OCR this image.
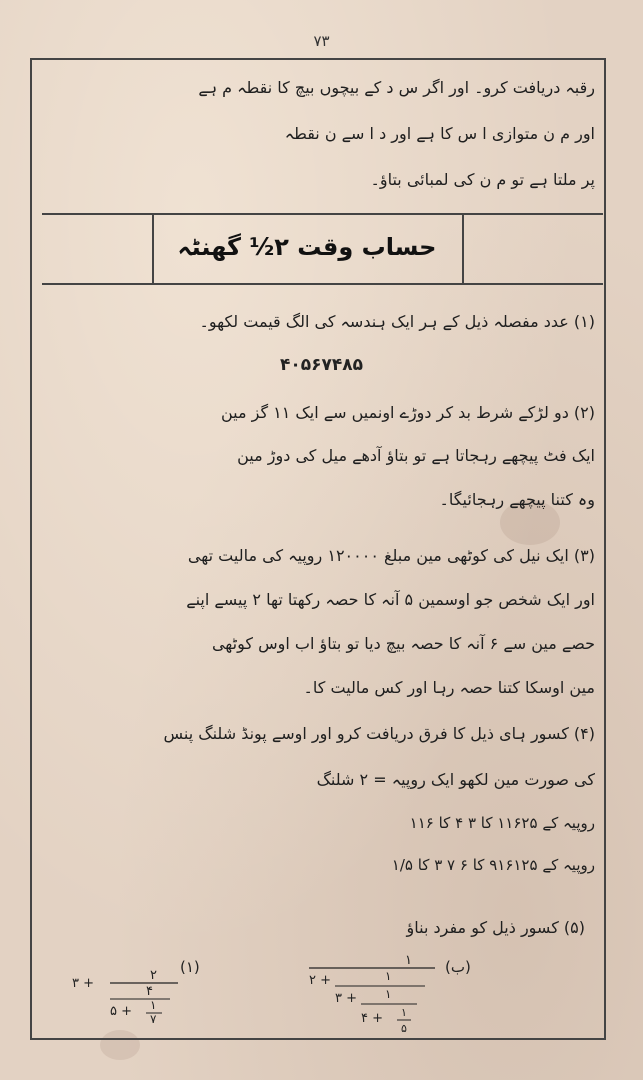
۷۳
رقبہ دریافت کرو۔ اور اگر س د کے بیچوں بیچ کا نقطہ م ہے
اور م ن متوازی ا س کا ہے اور د ا سے ن نقطہ
پر ملتا ہے تو م ن کی لمبائی بتاؤ۔
حساب وقت ۲½ گھنٹہ
(۱) عدد مفصلہ ذیل کے ہر ایک ہندسہ کی الگ قیمت لکھو۔
۴۰۵۶۷۴۸۵
(۲) دو لڑکے شرط بد کر دوڑے اونمیں سے ایک ۱۱ گز مین
ایک فٹ پیچھے رہجاتا ہے تو بتاؤ آدھے میل کی دوڑ مین
وہ کتنا پیچھے رہجائیگا۔
(۳) ایک نیل کی کوٹھی مین مبلغ ۱۲۰۰۰۰ روپیہ کی مالیت تھی
اور ایک شخص جو اوسمین ۵ آنہ کا حصہ رکھتا تھا ۲ پیسے اپنے
حصے مین سے ۶ آنہ کا حصہ بیچ دیا تو بتاؤ اب اوس کوٹھی
مین اوسکا کتنا حصہ رہا اور کس مالیت کا۔
(۴) کسور ہای ذیل کا فرق دریافت کرو اور اوسے پونڈ شلنگ پنس
کی صورت مین لکھو ایک روپیہ = ۲ شلنگ
روپیہ کے ۱۱۶۲۵ کا ۳ ۴ کا ۱۱۶
روپیہ کے ۹۱۶۱۲۵ کا ۶ ۷ ۳ کا ۱/۵
(۵) کسور ذیل کو مفرد بناؤ
(۱)
۲
۴
۳ +
۵ + ۱
۷
(ب)
۱
۲ +	۱
۳ + ۱
۴ + ۱
۵
